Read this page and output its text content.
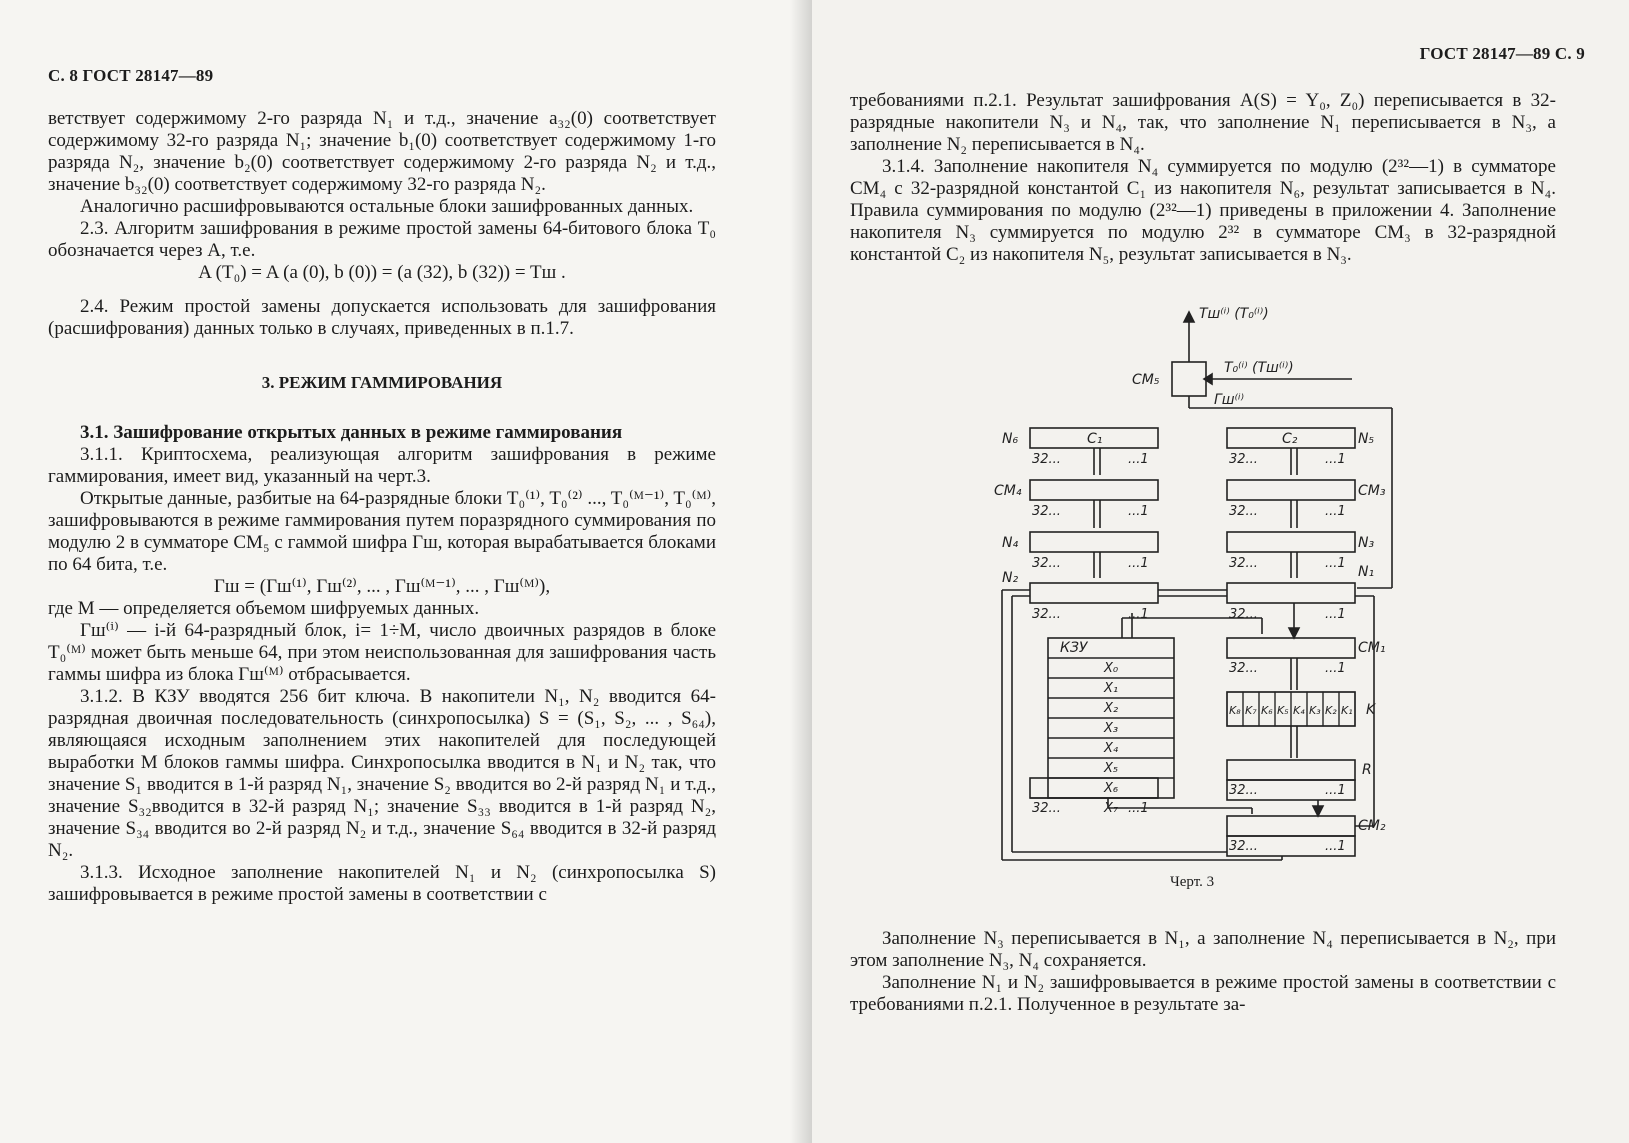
С. 8 ГОСТ 28147—89

ветствует содержимому 2-го разряда N₁ и т.д., значение a₃₂(0) соответствует содержимому 32-го разряда N₁; значение b₁(0) соответствует содержимому 1-го разряда N₂, значение b₂(0) соответствует содержимому 2-го разряда N₂ и т.д., значение b₃₂(0) соответствует содержимому 32-го разряда N₂.

Аналогично расшифровываются остальные блоки зашифрованных данных.

2.3. Алгоритм зашифрования в режиме простой замены 64-битового блока T₀ обозначается через A, т.е.

A (T₀) = A (a (0), b (0)) = (a (32), b (32)) = Tш .

2.4. Режим простой замены допускается использовать для зашифрования (расшифрования) данных только в случаях, приведенных в п.1.7.

3. РЕЖИМ ГАММИРОВАНИЯ

3.1. Зашифрование открытых данных в режиме гаммирования

3.1.1. Криптосхема, реализующая алгоритм зашифрования в режиме гаммирования, имеет вид, указанный на черт.3.

Открытые данные, разбитые на 64-разрядные блоки T₀⁽¹⁾, T₀⁽²⁾ ..., T₀⁽ᴹ⁻¹⁾, T₀⁽ᴹ⁾, зашифровываются в режиме гаммирования путем поразрядного суммирования по модулю 2 в сумматоре CM₅ с гаммой шифра Гш, которая вырабатывается блоками по 64 бита, т.е.

Гш = (Гш⁽¹⁾, Гш⁽²⁾, ... , Гш⁽ᴹ⁻¹⁾, ... , Гш⁽ᴹ⁾),

где M — определяется объемом шифруемых данных.

Гш⁽ⁱ⁾ — i-й 64-разрядный блок, i= 1÷M, число двоичных разрядов в блоке T₀⁽ᴹ⁾ может быть меньше 64, при этом неиспользованная для зашифрования часть гаммы шифра из блока Гш⁽ᴹ⁾ отбрасывается.

3.1.2. В КЗУ вводятся 256 бит ключа. В накопители N₁, N₂ вводится 64-разрядная двоичная последовательность (синхропосылка) S = (S₁, S₂, ... , S₆₄), являющаяся исходным заполнением этих накопителей для последующей выработки M блоков гаммы шифра. Синхропосылка вводится в N₁ и N₂ так, что значение S₁ вводится в 1-й разряд N₁, значение S₂ вводится во 2-й разряд N₁ и т.д., значение S₃₂вводится в 32-й разряд N₁; значение S₃₃ вводится в 1-й разряд N₂, значение S₃₄ вводится во 2-й разряд N₂ и т.д., значение S₆₄ вводится в 32-й разряд N₂.

3.1.3. Исходное заполнение накопителей N₁ и N₂ (синхропосылка S) зашифровывается в режиме простой замены в соответствии с

ГОСТ 28147—89 С. 9

требованиями п.2.1. Результат зашифрования A(S) = Y₀, Z₀) переписывается в 32-разрядные накопители N₃ и N₄, так, что заполнение N₁ переписывается в N₃, а заполнение N₂ переписывается в N₄.

3.1.4. Заполнение накопителя N₄ суммируется по модулю (2³²—1) в сумматоре CM₄ с 32-разрядной константой C₁ из накопителя N₆, результат записывается в N₄. Правила суммирования по модулю (2³²—1) приведены в приложении 4. Заполнение накопителя N₃ суммируется по модулю 2³² в сумматоре CM₃ в 32-разрядной константой C₂ из накопителя N₅, результат записывается в N₃.

K₈ K₇ K₆ K₅ K₄ K₃ K₂ K₁
Tш⁽ⁱ⁾ (T₀⁽ⁱ⁾)
T₀⁽ⁱ⁾ (Tш⁽ⁱ⁾)
Гш⁽ⁱ⁾
CM₅
N₆	C₁	C₂	N₅
CM₄	CM₃
N₄	N₃
N₂	N₁
CM₁
КЗУ
K
R
CM₂
32...	...1
32...	...1
32...	...1
32...	...1
32...	...1
32...	...1
32...	...1
32...	...1
32...	...1
32...	...1
32...	...1
32...	...1
X₀
X₁
X₂
X₃
X₄
X₅
X₆
X₇
Черт. 3

Заполнение N₃ переписывается в N₁, а заполнение N₄ переписывается в N₂, при этом заполнение N₃, N₄ сохраняется.

Заполнение N₁ и N₂ зашифровывается в режиме простой замены в соответствии с требованиями п.2.1. Полученное в результате за-
